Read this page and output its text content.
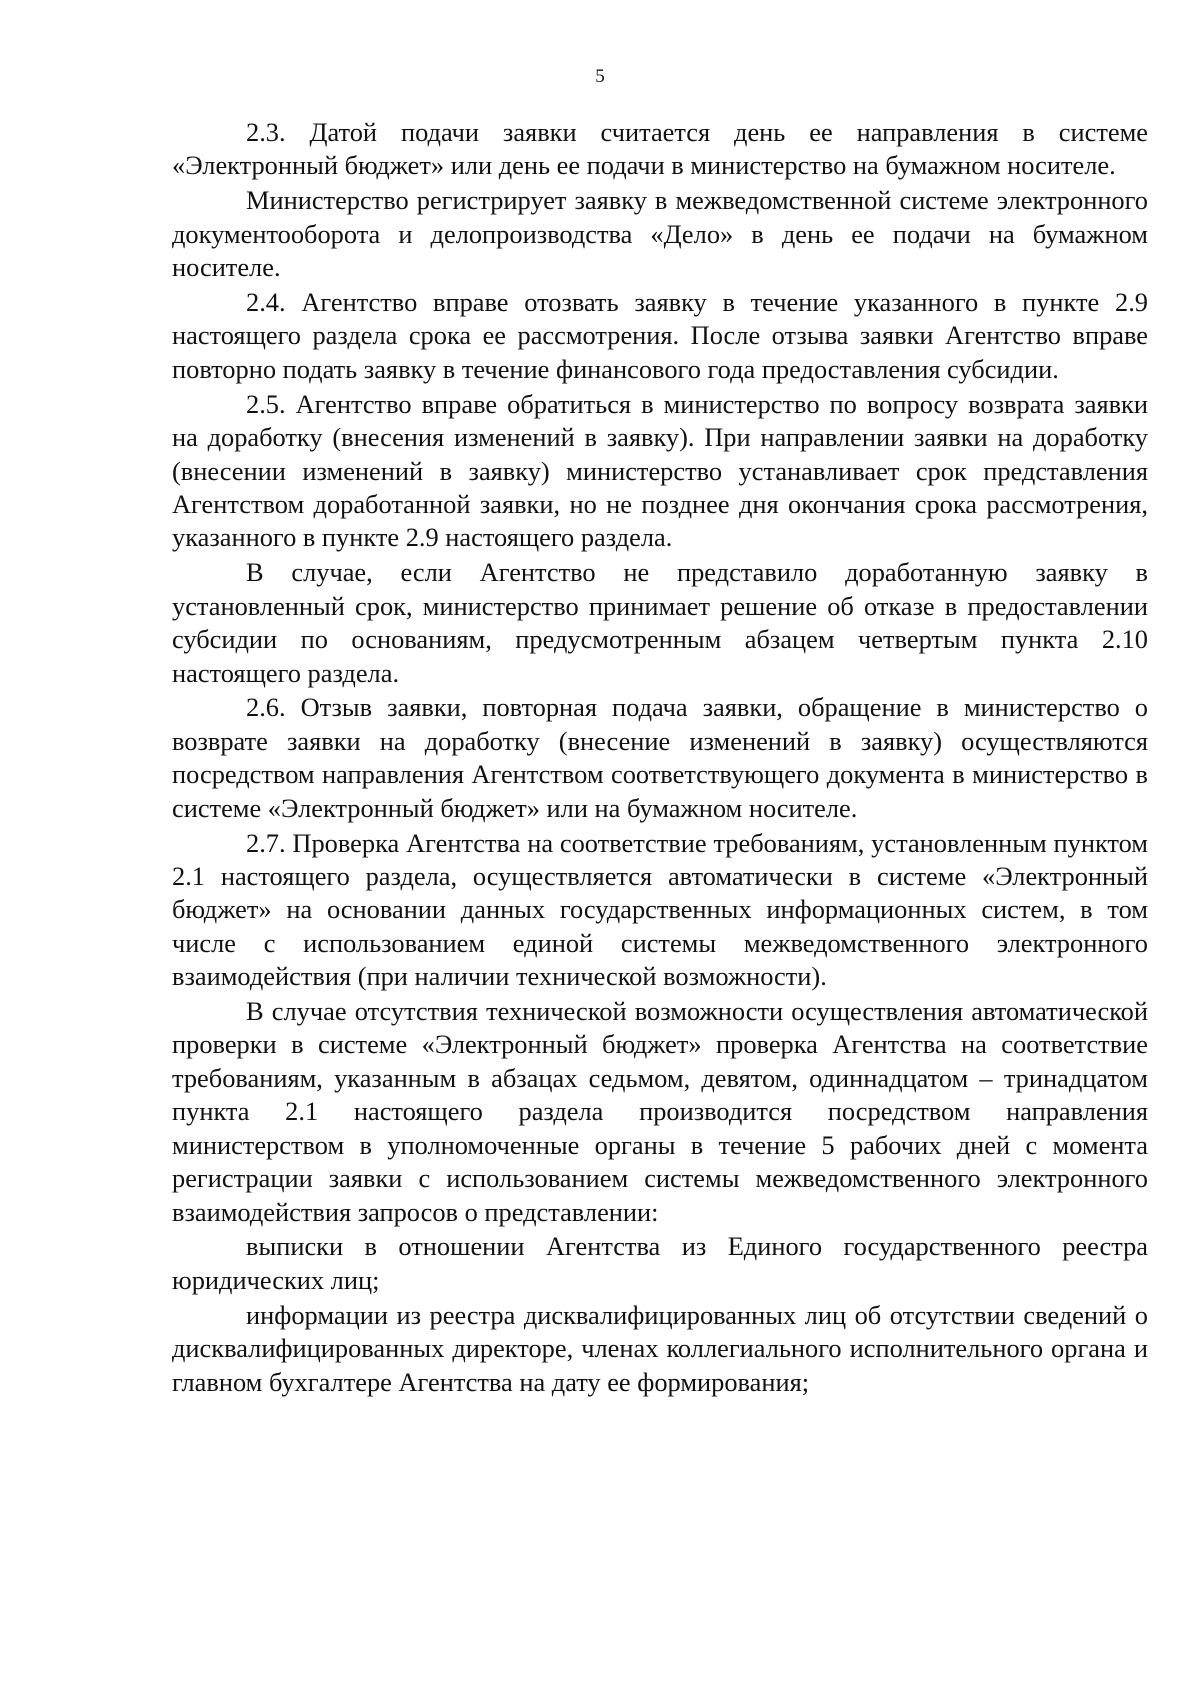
5

2.3. Датой подачи заявки считается день ее направления в системе «Электронный бюджет» или день ее подачи в министерство на бумажном носителе.

Министерство регистрирует заявку в межведомственной системе электронного документооборота и делопроизводства «Дело» в день ее подачи на бумажном носителе.

2.4. Агентство вправе отозвать заявку в течение указанного в пункте 2.9 настоящего раздела срока ее рассмотрения. После отзыва заявки Агентство вправе повторно подать заявку в течение финансового года предоставления субсидии.

2.5. Агентство вправе обратиться в министерство по вопросу возврата заявки на доработку (внесения изменений в заявку). При направлении заявки на доработку (внесении изменений в заявку) министерство устанавливает срок представления Агентством доработанной заявки, но не позднее дня окончания срока рассмотрения, указанного в пункте 2.9 настоящего раздела.

В случае, если Агентство не представило доработанную заявку в установленный срок, министерство принимает решение об отказе в предоставлении субсидии по основаниям, предусмотренным абзацем четвертым пункта 2.10 настоящего раздела.

2.6. Отзыв заявки, повторная подача заявки, обращение в министерство о возврате заявки на доработку (внесение изменений в заявку) осуществляются посредством направления Агентством соответствующего документа в министерство в системе «Электронный бюджет» или на бумажном носителе.

2.7. Проверка Агентства на соответствие требованиям, установленным пунктом 2.1 настоящего раздела, осуществляется автоматически в системе «Электронный бюджет» на основании данных государственных информационных систем, в том числе с использованием единой системы межведомственного электронного взаимодействия (при наличии технической возможности).

В случае отсутствия технической возможности осуществления автоматической проверки в системе «Электронный бюджет» проверка Агентства на соответствие требованиям, указанным в абзацах седьмом, девятом, одиннадцатом – тринадцатом пункта 2.1 настоящего раздела производится посредством направления министерством в уполномоченные органы в течение 5 рабочих дней с момента регистрации заявки с использованием системы межведомственного электронного взаимодействия запросов о представлении:

выписки в отношении Агентства из Единого государственного реестра юридических лиц;

информации из реестра дисквалифицированных лиц об отсутствии сведений о дисквалифицированных директоре, членах коллегиального исполнительного органа и главном бухгалтере Агентства на дату ее формирования;
